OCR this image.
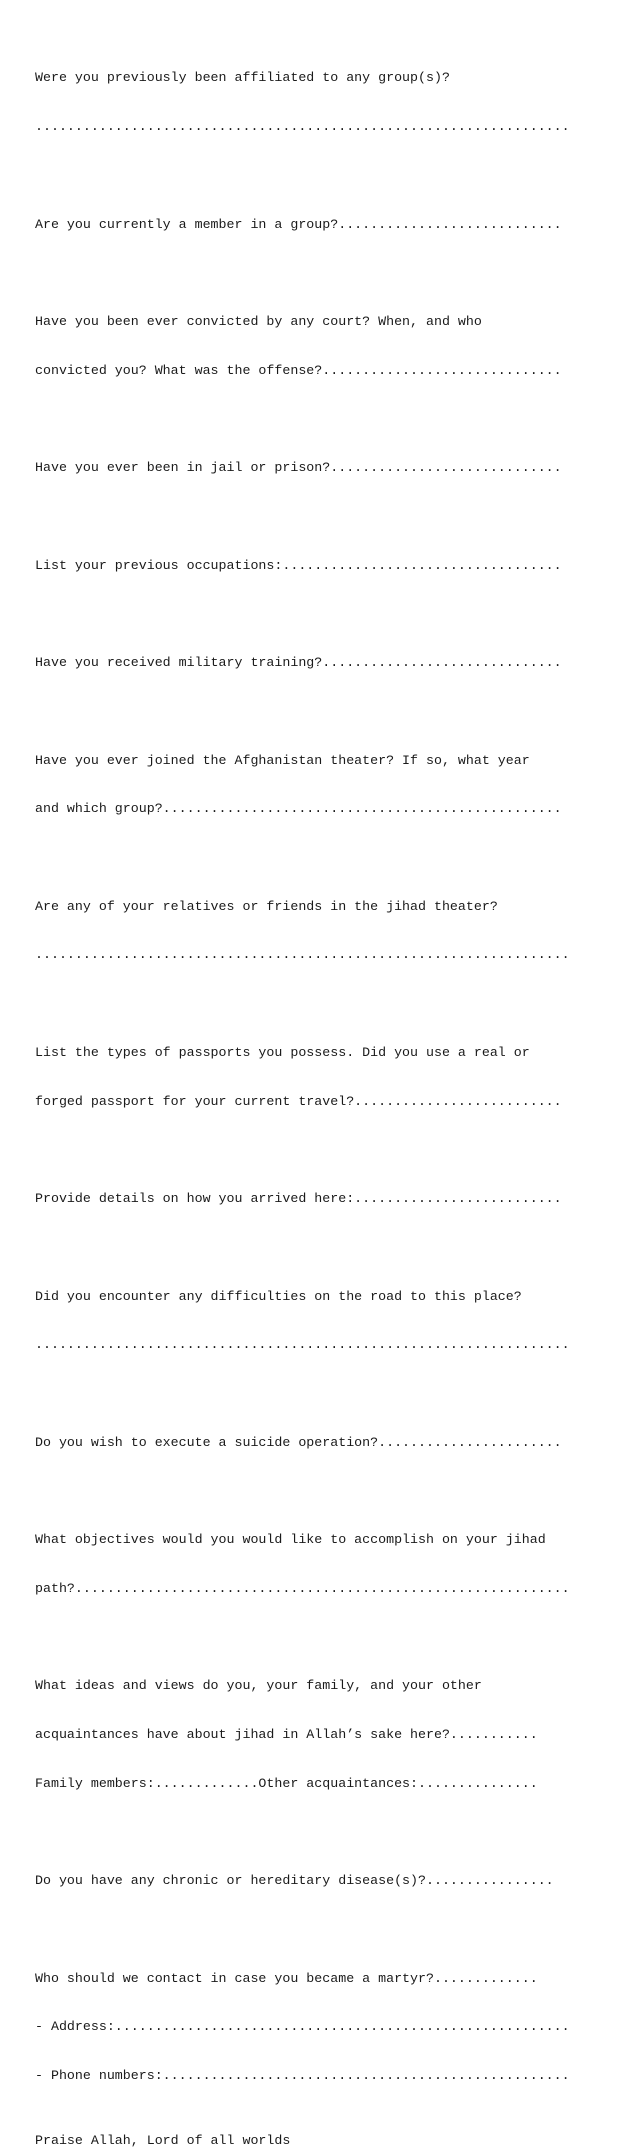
Were you previously been affiliated to any group(s)?

...................................................................

Are you currently a member in a group?............................

Have you been ever convicted by any court? When, and who

convicted you? What was the offense?..............................

Have you ever been in jail or prison?.............................

List your previous occupations:...................................

Have you received military training?..............................

Have you ever joined the Afghanistan theater? If so, what year

and which group?..................................................

Are any of your relatives or friends in the jihad theater?

...................................................................

List the types of passports you possess. Did you use a real or

forged passport for your current travel?..........................

Provide details on how you arrived here:..........................

Did you encounter any difficulties on the road to this place?

...................................................................

Do you wish to execute a suicide operation?.......................

What objectives would you would like to accomplish on your jihad

path?..............................................................

What ideas and views do you, your family, and your other

acquaintances have about jihad in Allah’s sake here?...........

Family members:.............Other acquaintances:...............

Do you have any chronic or hereditary disease(s)?................

Who should we contact in case you became a martyr?.............

- Address:.........................................................

- Phone numbers:...................................................

Praise Allah, Lord of all worlds
